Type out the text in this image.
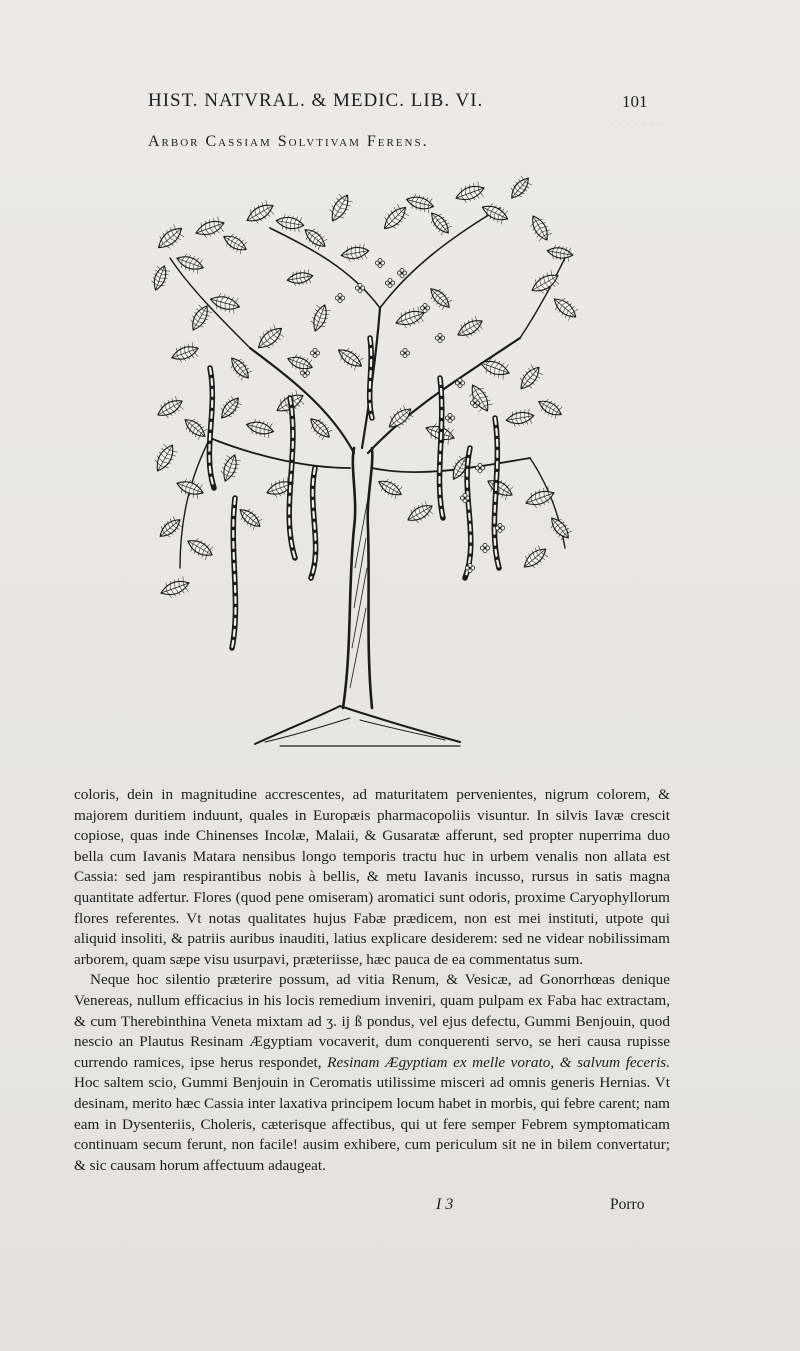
· · · · · · ·
HIST. NATVRAL. & MEDIC. LIB. VI.	101
Arbor Cassiam Solvtivam Ferens.

coloris, dein in magnitudine accrescentes, ad maturitatem pervenientes, nigrum colorem, & majorem duritiem induunt, quales in Europæis pharmacopoliis visuntur. In silvis Iavæ crescit copiose, quas inde Chinenses Incolæ, Malaii, & Gusaratæ afferunt, sed propter nuperrima duo bella cum Iavanis Matara nensibus longo temporis tractu huc in urbem venalis non allata est Cassia: sed jam respirantibus nobis à bellis, & metu Iavanis incusso, rursus in satis magna quantitate adfertur. Flores (quod pene omiseram) aromatici sunt odoris, proxime Caryophyllorum flores referentes. Vt notas qualitates hujus Fabæ prædicem, non est mei instituti, utpote qui aliquid insoliti, & patriis auribus inauditi, latius explicare desiderem: sed ne videar nobilissimam arborem, quam sæpe visu usurpavi, præteriisse, hæc pauca de ea commentatus sum.

Neque hoc silentio præterire possum, ad vitia Renum, & Vesicæ, ad Gonorrhœas denique Venereas, nullum efficacius in his locis remedium inveniri, quam pulpam ex Faba hac extractam, & cum Therebinthina Veneta mixtam ad ʒ. ij ß pondus, vel ejus defectu, Gummi Benjouin, quod nescio an Plautus Resinam Ægyptiam vocaverit, dum conquerenti servo, se heri causa rupisse currendo ramices, ipse herus respondet, Resinam Ægyptiam ex melle vorato, & salvum feceris. Hoc saltem scio, Gummi Benjouin in Ceromatis utilissime misceri ad omnis generis Hernias. Vt desinam, merito hæc Cassia inter laxativa principem locum habet in morbis, qui febre carent; nam eam in Dysenteriis, Choleris, cæterisque affectibus, qui ut fere semper Febrem symptomaticam continuam secum ferunt, non facile! ausim exhibere, cum periculum sit ne in bilem convertatur; & sic causam horum affectuum adaugeat.

I 3	Porro
